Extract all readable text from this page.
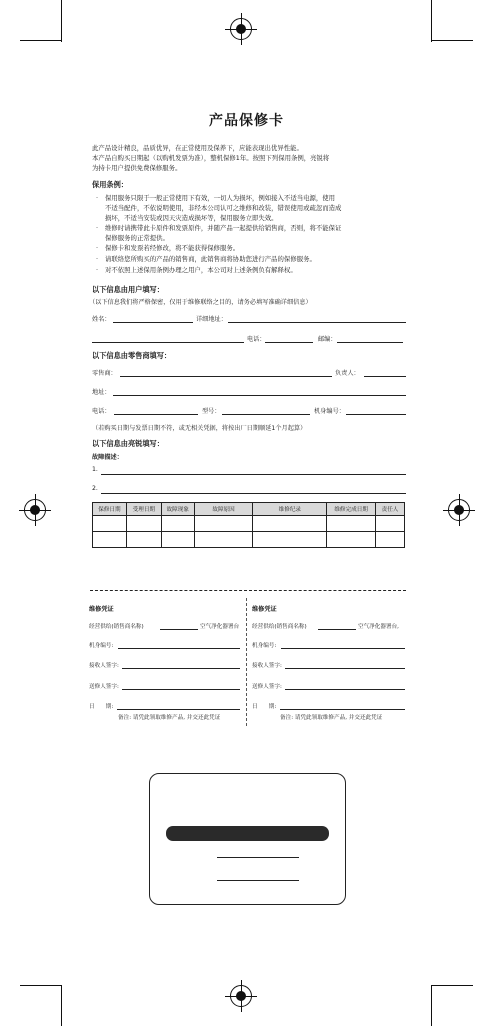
产品保修卡
此产品设计精良，品质优异，在正常使用及保养下，应能表现出优异性能。
本产品自购买日期起（以购机发票为准），整机保修1年。按照下列保用条例，亮锐将
为持卡用户提供免费保修服务。
保用条例：
· 保用服务只限于一般正常使用下有效，一切人为损坏，例如接入不适当电源，使用
不适当配件，不依说明使用，非经本公司认可之维修和改装，错误使用或疏忽而造成
损坏，不适当安装或因天灾造成损坏等，保用服务立即失效。
· 维修时请携带此卡原件和发票原件，并随产品一起提供给销售商，否则，将不能保证
保修服务的正常提供。
· 保修卡和发票若经修改，将不能获得保修服务。
· 请联络您所购买的产品的销售商，此销售商将协助您进行产品的保修服务。
· 对不依照上述保用条例办理之用户，本公司对上述条例负有解释权。
以下信息由用户填写：
（以下信息我们将严格保密，仅用于维修联络之目的，请务必填写准确详细信息）
姓名：	详细地址：
电话：	邮编：
以下信息由零售商填写：
零售商：	负责人：
地址：
电话：	型号：	机身编号：
（若购买日期与发票日期不符，或无相关凭据，将按出厂日期顺延1个月起算）
以下信息由亮锐填写：
故障描述：
1.
2.
保修日期	受理日期	故障现象	故障原因	维修纪录	维修完成日期	责任人

维修凭证
经营供给(销售商名称)	空气净化器署台
机身编号:
接收人签字:
送修人签字:
日　　期:
备注: 请凭此领取维修产品, 并交还此凭证
维修凭证
经营供给(销售商名称)	空气净化器署台,
机身编号:
接收人签字:
送修人签字:
日　　期:
备注: 请凭此领取维修产品, 并交还此凭证
